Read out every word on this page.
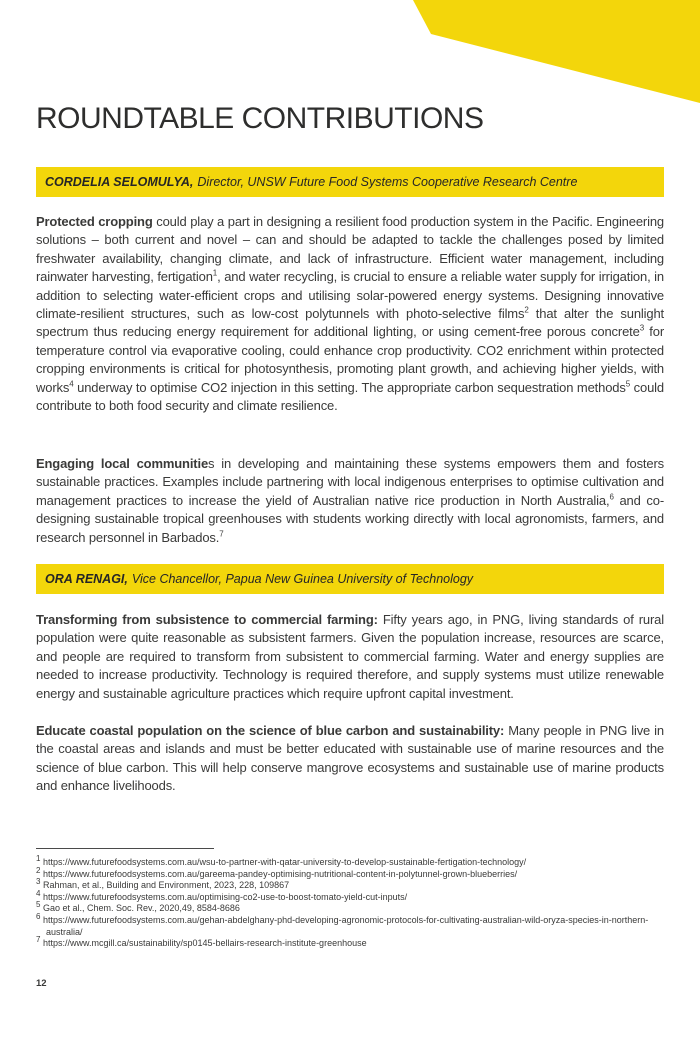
ROUNDTABLE CONTRIBUTIONS
CORDELIA SELOMULYA, Director, UNSW Future Food Systems Cooperative Research Centre

Protected cropping could play a part in designing a resilient food production system in the Pacific. Engineering solutions – both current and novel – can and should be adapted to tackle the challenges posed by limited freshwater availability, changing climate, and lack of infrastructure. Efficient water management, including rainwater harvesting, fertigation$^1$, and water recycling, is crucial to ensure a reliable water supply for irrigation, in addition to selecting water-efficient crops and utilising solar-powered energy systems. Designing innovative climate-resilient structures, such as low-cost polytunnels with photo-selective films$^2$ that alter the sunlight spectrum thus reducing energy requirement for additional lighting, or using cement-free porous concrete$^3$ for temperature control via evaporative cooling, could enhance crop productivity. CO2 enrichment within protected cropping environments is critical for photosynthesis, promoting plant growth, and achieving higher yields, with works$^4$ underway to optimise CO2 injection in this setting. The appropriate carbon sequestration methods$^5$ could contribute to both food security and climate resilience.

Engaging local communities in developing and maintaining these systems empowers them and fosters sustainable practices. Examples include partnering with local indigenous enterprises to optimise cultivation and management practices to increase the yield of Australian native rice production in North Australia,$^6$ and co-designing sustainable tropical greenhouses with students working directly with local agronomists, farmers, and research personnel in Barbados.$^7$

ORA RENAGI, Vice Chancellor, Papua New Guinea University of Technology

Transforming from subsistence to commercial farming: Fifty years ago, in PNG, living standards of rural population were quite reasonable as subsistent farmers. Given the population increase, resources are scarce, and people are required to transform from subsistent to commercial farming. Water and energy supplies are needed to increase productivity. Technology is required therefore, and supply systems must utilize renewable energy and sustainable agriculture practices which require upfront capital investment.

Educate coastal population on the science of blue carbon and sustainability: Many people in PNG live in the coastal areas and islands and must be better educated with sustainable use of marine resources and the science of blue carbon. This will help conserve mangrove ecosystems and sustainable use of marine products and enhance livelihoods.

$^1$ https://www.futurefoodsystems.com.au/wsu-to-partner-with-qatar-university-to-develop-sustainable-fertigation-technology/
$^2$ https://www.futurefoodsystems.com.au/gareema-pandey-optimising-nutritional-content-in-polytunnel-grown-blueberries/
$^3$ Rahman, et al., Building and Environment, 2023, 228, 109867
$^4$ https://www.futurefoodsystems.com.au/optimising-co2-use-to-boost-tomato-yield-cut-inputs/
$^5$ Gao et al., Chem. Soc. Rev., 2020,49, 8584-8686
$^6$ https://www.futurefoodsystems.com.au/gehan-abdelghany-phd-developing-agronomic-protocols-for-cultivating-australian-wild-oryza-species-in-northern-australia/
$^7$ https://www.mcgill.ca/sustainability/sp0145-bellairs-research-institute-greenhouse
12
